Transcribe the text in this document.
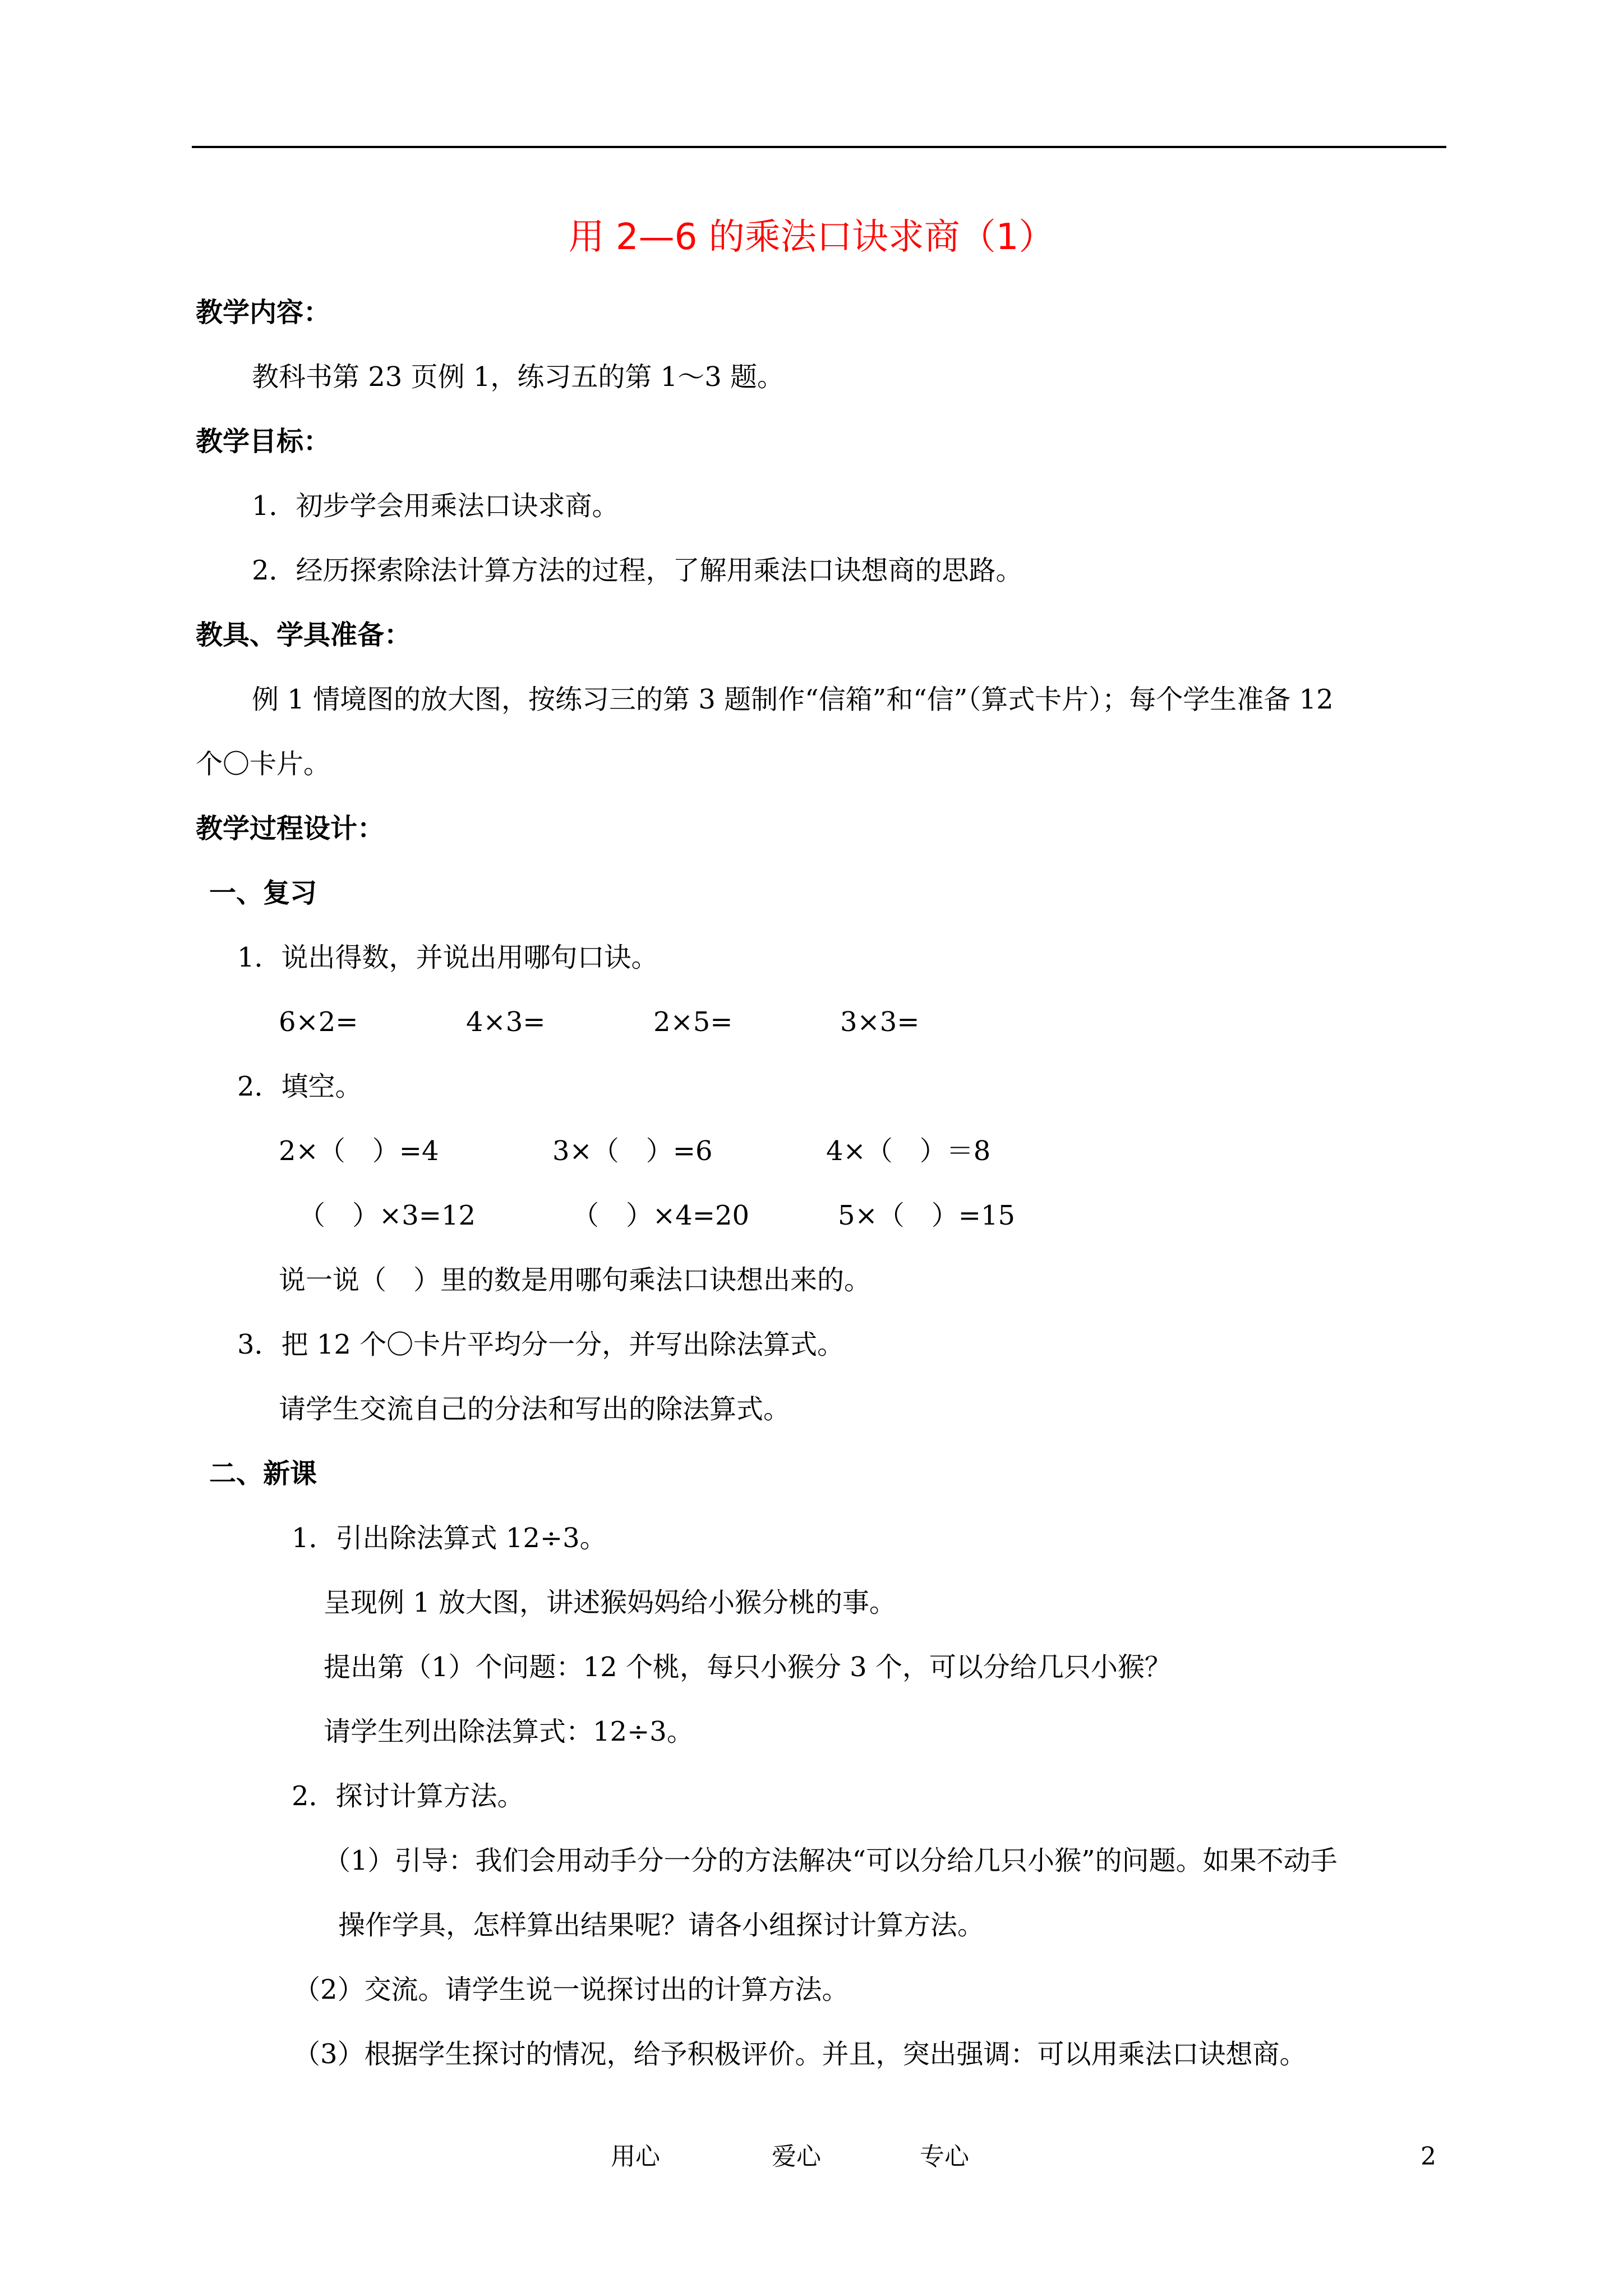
用 2—6 的乘法口诀求商（1）
教学内容：
教科书第 23 页例 1，练习五的第 1～3 题。
教学目标：
1．初步学会用乘法口诀求商。
2．经历探索除法计算方法的过程，了解用乘法口诀想商的思路。
教具、学具准备：
例 1 情境图的放大图，按练习三的第 3 题制作“信箱”和“信”（算式卡片）；每个学生准备 12
个〇卡片。
教学过程设计：
一、复习
1．说出得数，并说出用哪句口诀。
6×2=	4×3=	2×5=	3×3=
2．填空。
2×（　）=4	3×（　）=6	4×（　）＝8
（　）×3=12	（　）×4=20	5×（　）=15
说一说（　）里的数是用哪句乘法口诀想出来的。
3．把 12 个〇卡片平均分一分，并写出除法算式。
请学生交流自己的分法和写出的除法算式。
二、新课
1．引出除法算式 12÷3。
呈现例 1 放大图，讲述猴妈妈给小猴分桃的事。
提出第（1）个问题：12 个桃，每只小猴分 3 个，可以分给几只小猴？
请学生列出除法算式：12÷3。
2．探讨计算方法。
（1）引导：我们会用动手分一分的方法解决“可以分给几只小猴”的问题。如果不动手
操作学具，怎样算出结果呢？请各小组探讨计算方法。
（2）交流。请学生说一说探讨出的计算方法。
（3）根据学生探讨的情况，给予积极评价。并且，突出强调：可以用乘法口诀想商。
用心	爱心	专心	2
